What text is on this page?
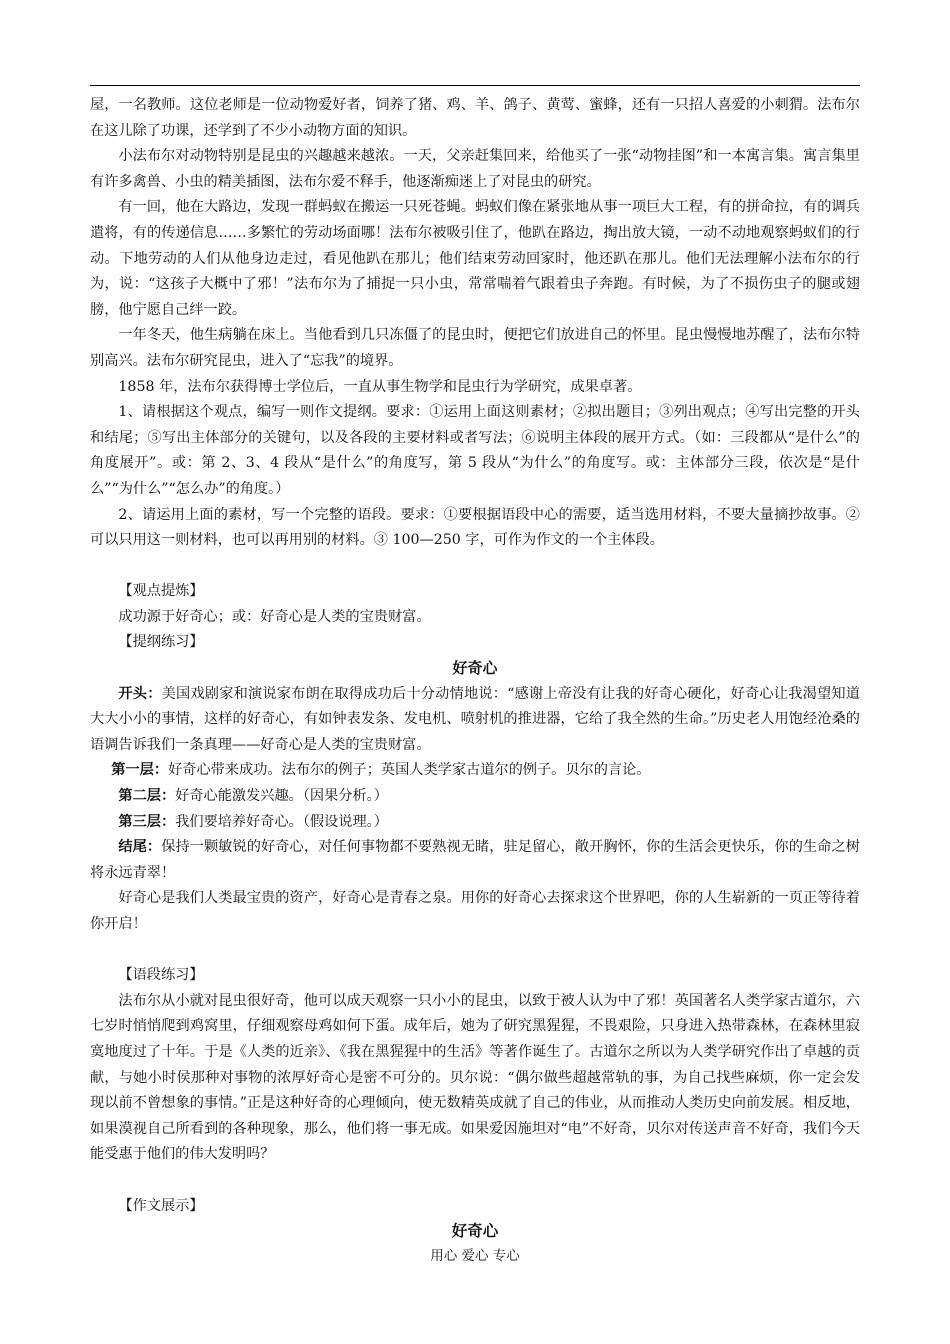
屋，一名教师。这位老师是一位动物爱好者，饲养了猪、鸡、羊、鸽子、黄莺、蜜蜂，还有一只招人喜爱的小刺猬。法布尔在这儿除了功课，还学到了不少小动物方面的知识。

小法布尔对动物特别是昆虫的兴趣越来越浓。一天，父亲赶集回来，给他买了一张“动物挂图”和一本寓言集。寓言集里有许多禽兽、小虫的精美插图，法布尔爱不释手，他逐渐痴迷上了对昆虫的研究。

有一回，他在大路边，发现一群蚂蚁在搬运一只死苍蝇。蚂蚁们像在紧张地从事一项巨大工程，有的拼命拉，有的调兵遣将，有的传递信息……多繁忙的劳动场面哪！法布尔被吸引住了，他趴在路边，掏出放大镜，一动不动地观察蚂蚁们的行动。下地劳动的人们从他身边走过，看见他趴在那儿；他们结束劳动回家时，他还趴在那儿。他们无法理解小法布尔的行为，说：“这孩子大概中了邪！”法布尔为了捕捉一只小虫，常常喘着气跟着虫子奔跑。有时候，为了不损伤虫子的腿或翅膀，他宁愿自己绊一跤。

一年冬天，他生病躺在床上。当他看到几只冻僵了的昆虫时，便把它们放进自己的怀里。昆虫慢慢地苏醒了，法布尔特别高兴。法布尔研究昆虫，进入了“忘我”的境界。

1858 年，法布尔获得博士学位后，一直从事生物学和昆虫行为学研究，成果卓著。

1、请根据这个观点，编写一则作文提纲。要求：①运用上面这则素材；②拟出题目；③列出观点；④写出完整的开头和结尾；⑤写出主体部分的关键句，以及各段的主要材料或者写法；⑥说明主体段的展开方式。（如：三段都从“是什么”的角度展开”。或：第 2、3、4 段从“是什么”的角度写，第 5 段从“为什么”的角度写。或：主体部分三段，依次是“是什么”“为什么”“怎么办”的角度。）

2、请运用上面的素材，写一个完整的语段。要求：①要根据语段中心的需要，适当选用材料，不要大量摘抄故事。②可以只用这一则材料，也可以再用别的材料。③ 100—250 字，可作为作文的一个主体段。

【观点提炼】

成功源于好奇心；或：好奇心是人类的宝贵财富。

【提纲练习】

好奇心

开头：美国戏剧家和演说家布朗在取得成功后十分动情地说：“感谢上帝没有让我的好奇心硬化，好奇心让我渴望知道大大小小的事情，这样的好奇心，有如钟表发条、发电机、喷射机的推进器，它给了我全然的生命。”历史老人用饱经沧桑的语调告诉我们一条真理——好奇心是人类的宝贵财富。

第一层：好奇心带来成功。法布尔的例子；英国人类学家古道尔的例子。贝尔的言论。

第二层：好奇心能激发兴趣。（因果分析。）

第三层：我们要培养好奇心。（假设说理。）

结尾：保持一颗敏锐的好奇心，对任何事物都不要熟视无睹，驻足留心，敞开胸怀，你的生活会更快乐，你的生命之树将永远青翠！

好奇心是我们人类最宝贵的资产，好奇心是青春之泉。用你的好奇心去探求这个世界吧，你的人生崭新的一页正等待着你开启！

【语段练习】

法布尔从小就对昆虫很好奇，他可以成天观察一只小小的昆虫，以致于被人认为中了邪！英国著名人类学家古道尔，六七岁时悄悄爬到鸡窝里，仔细观察母鸡如何下蛋。成年后，她为了研究黑猩猩，不畏艰险，只身进入热带森林，在森林里寂寞地度过了十年。于是《人类的近亲》、《我在黑猩猩中的生活》等著作诞生了。古道尔之所以为人类学研究作出了卓越的贡献，与她小时侯那种对事物的浓厚好奇心是密不可分的。贝尔说：“偶尔做些超越常轨的事，为自己找些麻烦，你一定会发现以前不曾想象的事情。”正是这种好奇的心理倾向，使无数精英成就了自己的伟业，从而推动人类历史向前发展。相反地，如果漠视自己所看到的各种现象，那么，他们将一事无成。如果爱因施坦对“电”不好奇，贝尔对传送声音不好奇，我们今天能受惠于他们的伟大发明吗？

【作文展示】

好奇心

用心 爱心 专心
